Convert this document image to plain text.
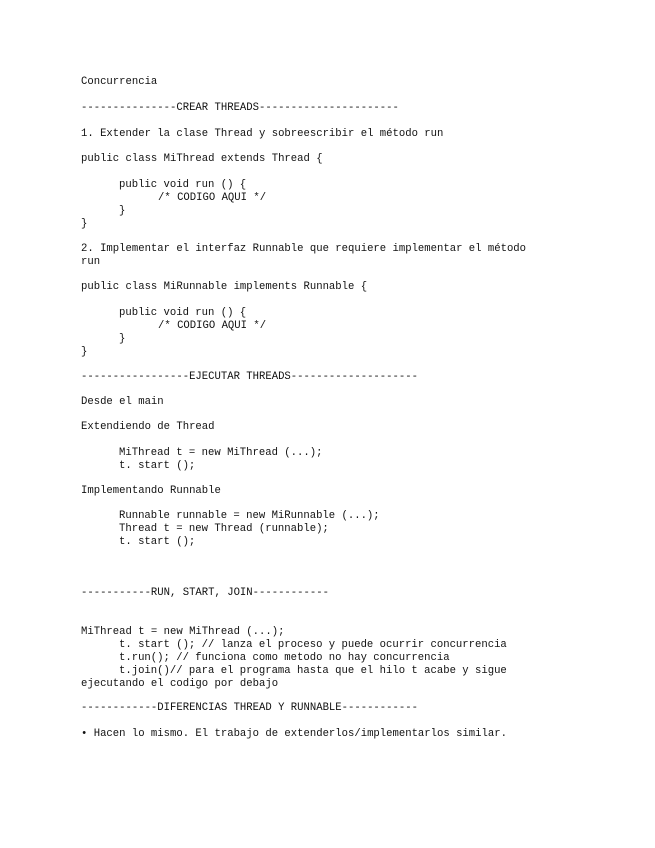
Concurrencia

---------------CREAR THREADS----------------------

1. Extender la clase Thread y sobreescribir el método run

public class MiThread extends Thread {

public void run () {

/* CODIGO AQUI */

}

}

2. Implementar el interfaz Runnable que requiere implementar el método

run

public class MiRunnable implements Runnable {

public void run () {

/* CODIGO AQUI */

}

}

-----------------EJECUTAR THREADS--------------------

Desde el main

Extendiendo de Thread

MiThread t = new MiThread (...);

t. start ();

Implementando Runnable

Runnable runnable = new MiRunnable (...);

Thread t = new Thread (runnable);

t. start ();

-----------RUN, START, JOIN------------

MiThread t = new MiThread (...);

t. start (); // lanza el proceso y puede ocurrir concurrencia

t.run(); // funciona como metodo no hay concurrencia

t.join()// para el programa hasta que el hilo t acabe y sigue

ejecutando el codigo por debajo

------------DIFERENCIAS THREAD Y RUNNABLE------------

• Hacen lo mismo. El trabajo de extenderlos/implementarlos similar.
